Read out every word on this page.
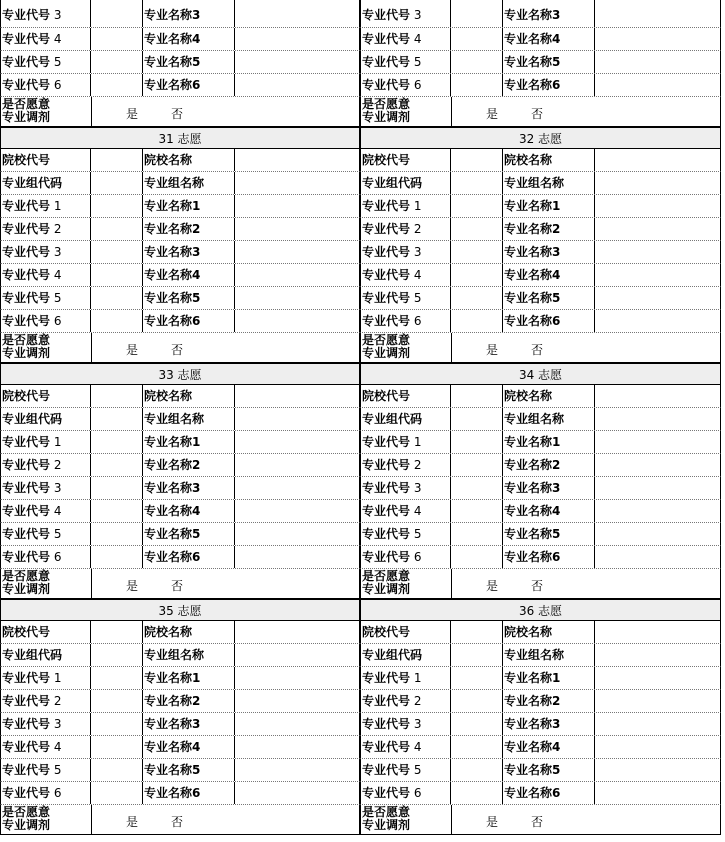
专业代号 3	专业名称3
专业代号 4	专业名称4
专业代号 5	专业名称5
专业代号 6	专业名称6
是否愿意
专业调剂	是	否
31 志愿
院校代号	院校名称
专业组代码	专业组名称
专业代号 1	专业名称1
专业代号 2	专业名称2
专业代号 3	专业名称3
专业代号 4	专业名称4
专业代号 5	专业名称5
专业代号 6	专业名称6
是否愿意
专业调剂	是	否
33 志愿
院校代号	院校名称
专业组代码	专业组名称
专业代号 1	专业名称1
专业代号 2	专业名称2
专业代号 3	专业名称3
专业代号 4	专业名称4
专业代号 5	专业名称5
专业代号 6	专业名称6
是否愿意
专业调剂	是	否
35 志愿
院校代号	院校名称
专业组代码	专业组名称
专业代号 1	专业名称1
专业代号 2	专业名称2
专业代号 3	专业名称3
专业代号 4	专业名称4
专业代号 5	专业名称5
专业代号 6	专业名称6
是否愿意
专业调剂	是	否
专业代号 3	专业名称3
专业代号 4	专业名称4
专业代号 5	专业名称5
专业代号 6	专业名称6
是否愿意
专业调剂	是	否
32 志愿
院校代号	院校名称
专业组代码	专业组名称
专业代号 1	专业名称1
专业代号 2	专业名称2
专业代号 3	专业名称3
专业代号 4	专业名称4
专业代号 5	专业名称5
专业代号 6	专业名称6
是否愿意
专业调剂	是	否
34 志愿
院校代号	院校名称
专业组代码	专业组名称
专业代号 1	专业名称1
专业代号 2	专业名称2
专业代号 3	专业名称3
专业代号 4	专业名称4
专业代号 5	专业名称5
专业代号 6	专业名称6
是否愿意
专业调剂	是	否
36 志愿
院校代号	院校名称
专业组代码	专业组名称
专业代号 1	专业名称1
专业代号 2	专业名称2
专业代号 3	专业名称3
专业代号 4	专业名称4
专业代号 5	专业名称5
专业代号 6	专业名称6
是否愿意
专业调剂	是	否
